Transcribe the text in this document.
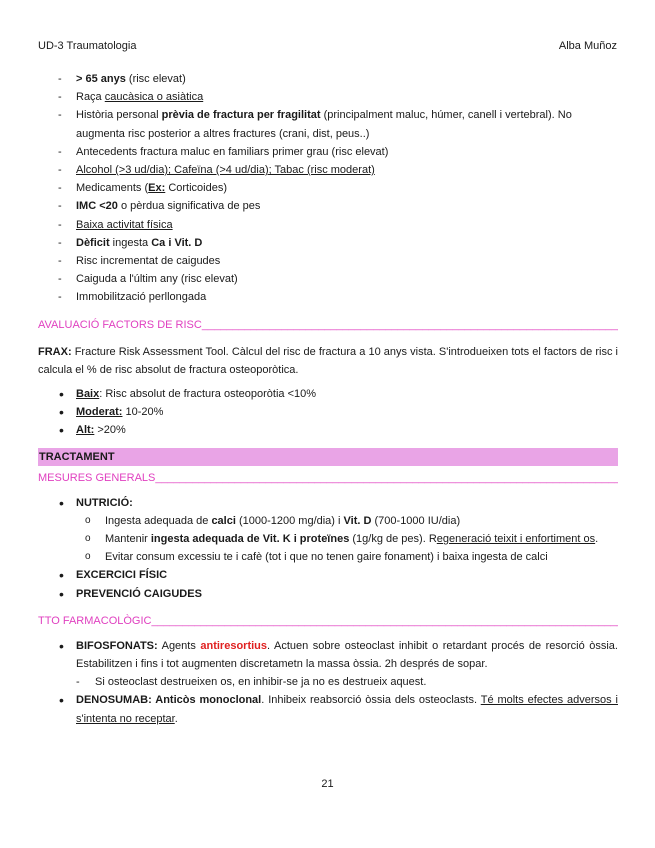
UD-3 Traumatologia	Alba Muñoz
- > 65 anys (risc elevat)
- Raça caucàsica o asiàtica
- Història personal prèvia de fractura per fragilitat (principalment maluc, húmer, canell i vertebral). No augmenta risc posterior a altres fractures (crani, dist, peus..)
- Antecedents fractura maluc en familiars primer grau (risc elevat)
- Alcohol (>3 ud/dia); Cafeïna (>4 ud/dia); Tabac (risc moderat)
- Medicaments (Ex: Corticoides)
- IMC <20 o pèrdua significativa de pes
- Baixa activitat física
- Dèficit ingesta Ca i Vit. D
- Risc incrementat de caigudes
- Caiguda a l'últim any (risc elevat)
- Immobilització perllongada
AVALUACIÓ FACTORS DE RISC _____

FRAX: Fracture Risk Assessment Tool. Càlcul del risc de fractura a 10 anys vista. S'introdueixen tots el factors de risc i calcula el % de risc absolut de fractura osteoporòtica.

• Baix: Risc absolut de fractura osteoporòtia <10%
• Moderat: 10-20%
• Alt: >20%
TRACTAMENT
MESURES GENERALS _____
• NUTRICIÓ:
o Ingesta adequada de calci (1000-1200 mg/dia) i Vit. D (700-1000 IU/dia)
o Mantenir ingesta adequada de Vit. K i proteïnes (1g/kg de pes). Regeneració teixit i enfortiment os.
o Evitar consum excessiu te i cafè (tot i que no tenen gaire fonament) i baixa ingesta de calci
• EXCERCICI FÍSIC
• PREVENCIÓ CAIGUDES
TTO FARMACOLÒGIC _____
• BIFOSFONATS: Agents antiresortius. Actuen sobre osteoclast inhibit o retardant procés de resorció òssia. Estabilitzen i fins i tot augmenten discretametn la massa òssia. 2h després de sopar.
- Si osteoclast destrueixen os, en inhibir-se ja no es destrueix aquest.
• DENOSUMAB: Anticòs monoclonal. Inhibeix reabsorció òssia dels osteoclasts. Té molts efectes adversos i s'intenta no receptar.
21
